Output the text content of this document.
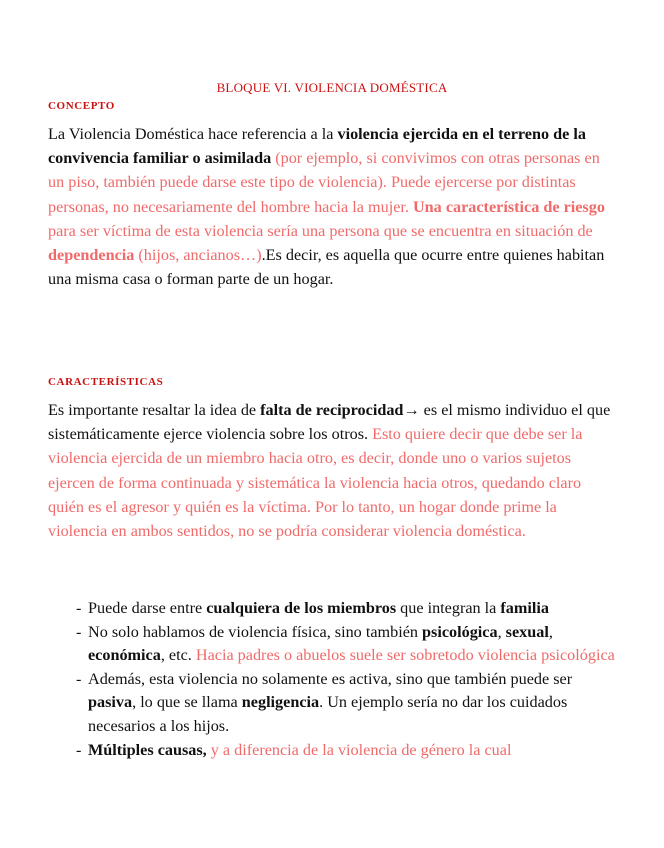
BLOQUE VI. VIOLENCIA DOMÉSTICA
CONCEPTO

La Violencia Doméstica hace referencia a la violencia ejercida en el terreno de la convivencia familiar o asimilada (por ejemplo, si convivimos con otras personas en un piso, también puede darse este tipo de violencia). Puede ejercerse por distintas personas, no necesariamente del hombre hacia la mujer. Una característica de riesgo para ser víctima de esta violencia sería una persona que se encuentra en situación de dependencia (hijos, ancianos…).Es decir, es aquella que ocurre entre quienes habitan una misma casa o forman parte de un hogar.

CARACTERÍSTICAS

Es importante resaltar la idea de falta de reciprocidad→ es el mismo individuo el que sistemáticamente ejerce violencia sobre los otros. Esto quiere decir que debe ser la violencia ejercida de un miembro hacia otro, es decir, donde uno o varios sujetos ejercen de forma continuada y sistemática la violencia hacia otros, quedando claro quién es el agresor y quién es la víctima. Por lo tanto, un hogar donde prime la violencia en ambos sentidos, no se podría considerar violencia doméstica.

- Puede darse entre cualquiera de los miembros que integran la familia
- No solo hablamos de violencia física, sino también psicológica, sexual, económica, etc. Hacia padres o abuelos suele ser sobretodo violencia psicológica
- Además, esta violencia no solamente es activa, sino que también puede ser pasiva, lo que se llama negligencia. Un ejemplo sería no dar los cuidados necesarios a los hijos.
- Múltiples causas, y a diferencia de la violencia de género la cual
